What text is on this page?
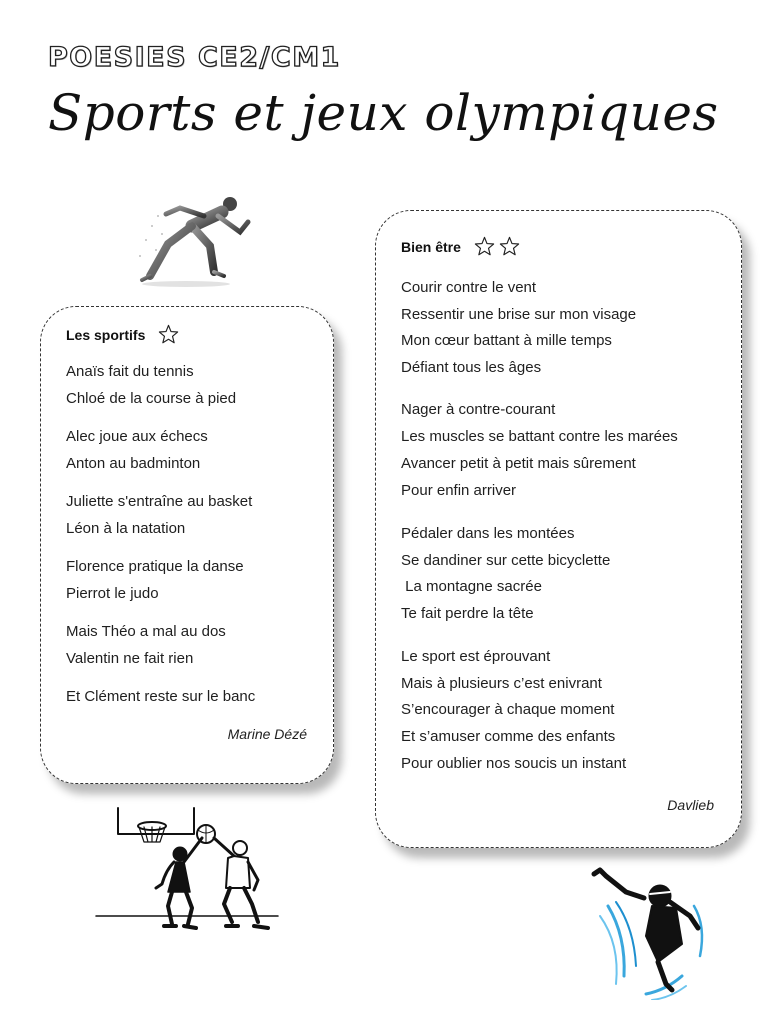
POESIES CE2/CM1
Sports et jeux olympiques
Les sportifs

Anaïs fait du tennis

Chloé de la course à pied

Alec joue aux échecs

Anton au badminton

Juliette s'entraîne au basket

Léon à la natation

Florence pratique la danse

Pierrot le judo

Mais Théo a mal au dos

Valentin ne fait rien

Et Clément reste sur le banc

Marine Dézé

Bien être

Courir contre le vent

Ressentir une brise sur mon visage

Mon cœur battant à mille temps

Défiant tous les âges

Nager à contre-courant

Les muscles se battant contre les marées

Avancer petit à petit mais sûrement

Pour enfin arriver

Pédaler dans les montées

Se dandiner sur cette bicyclette

La montagne sacrée

Te fait perdre la tête

Le sport est éprouvant

Mais à plusieurs c’est enivrant

S’encourager à chaque moment

Et s’amuser comme des enfants

Pour oublier nos soucis un instant

Davlieb
